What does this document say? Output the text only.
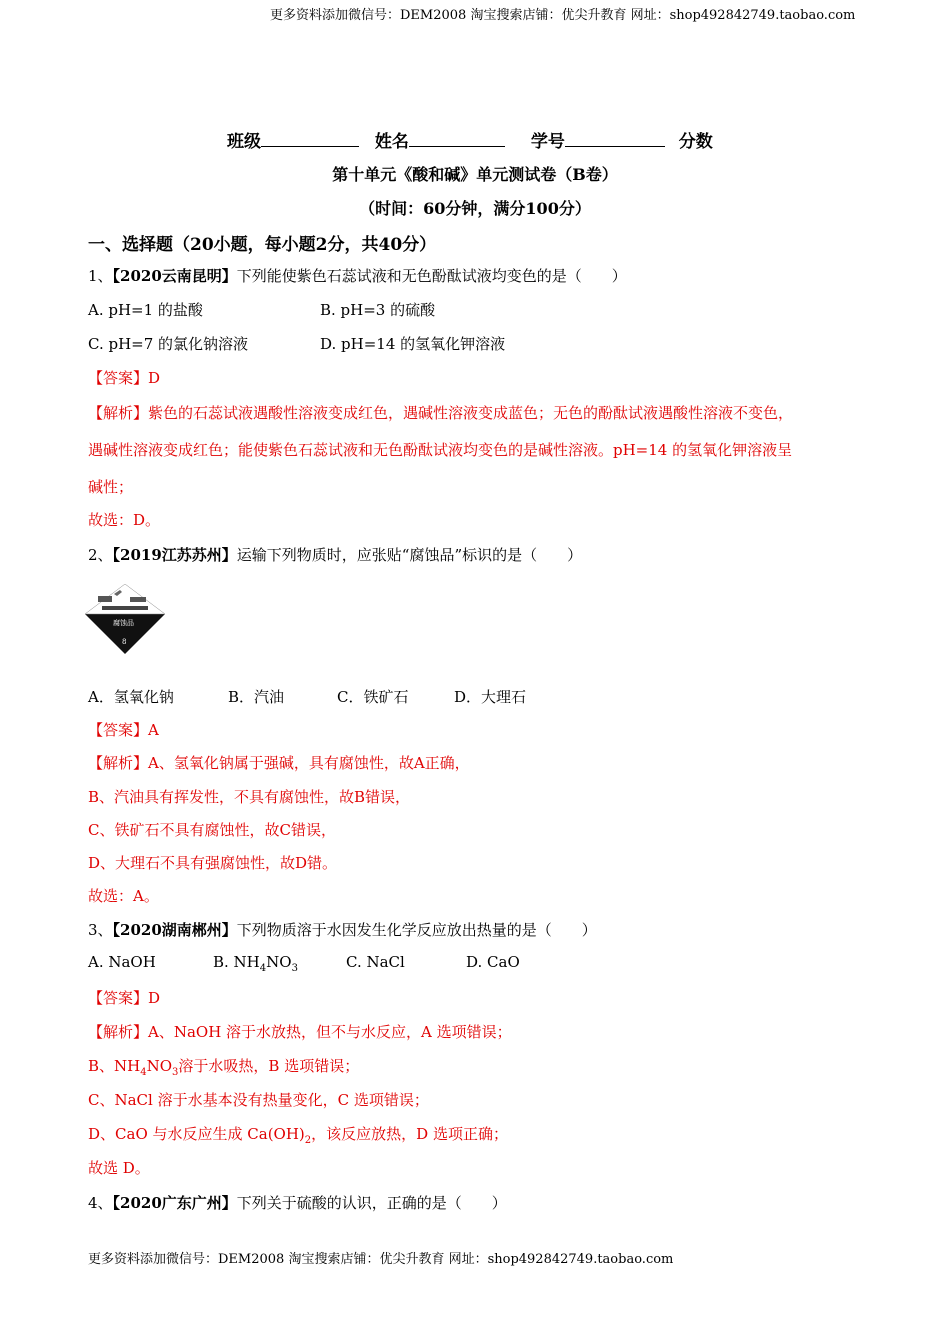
更多资料添加微信号：DEM2008 淘宝搜索店铺：优尖升教育 网址：shop492842749.taobao.com
班级	姓名	学号	分数
第十单元《酸和碱》单元测试卷（B卷）
（时间：60分钟，满分100分）
一、选择题（20小题，每小题2分，共40分）
1、【2020云南昆明】下列能使紫色石蕊试液和无色酚酞试液均变色的是（　　）
A. pH=1 的盐酸	B. pH=3 的硫酸
C. pH=7 的氯化钠溶液	D. pH=14 的氢氧化钾溶液
【答案】D
【解析】紫色的石蕊试液遇酸性溶液变成红色，遇碱性溶液变成蓝色；无色的酚酞试液遇酸性溶液不变色，
遇碱性溶液变成红色；能使紫色石蕊试液和无色酚酞试液均变色的是碱性溶液。pH=14 的氢氧化钾溶液呈
碱性；
故选：D。
2、【2019江苏苏州】运输下列物质时，应张贴“腐蚀品”标识的是（　　）
腐蚀品
8
A．氢氧化钠	B．汽油	C．铁矿石	D．大理石
【答案】A
【解析】A、氢氧化钠属于强碱，具有腐蚀性，故A正确，
B、汽油具有挥发性，不具有腐蚀性，故B错误，
C、铁矿石不具有腐蚀性，故C错误，
D、大理石不具有强腐蚀性，故D错。
故选：A。
3、【2020湖南郴州】下列物质溶于水因发生化学反应放出热量的是（　　）
A. NaOH	B. $NH_4NO_3$	C. NaCl	D. CaO
【答案】D
【解析】A、NaOH 溶于水放热，但不与水反应，A 选项错误；
B、$NH_4NO_3$溶于水吸热，B 选项错误；
C、NaCl 溶于水基本没有热量变化，C 选项错误；
D、CaO 与水反应生成 $Ca(OH)_2$，该反应放热，D 选项正确；
故选 D。
4、【2020广东广州】下列关于硫酸的认识，正确的是（　　）
更多资料添加微信号：DEM2008 淘宝搜索店铺：优尖升教育 网址：shop492842749.taobao.com
